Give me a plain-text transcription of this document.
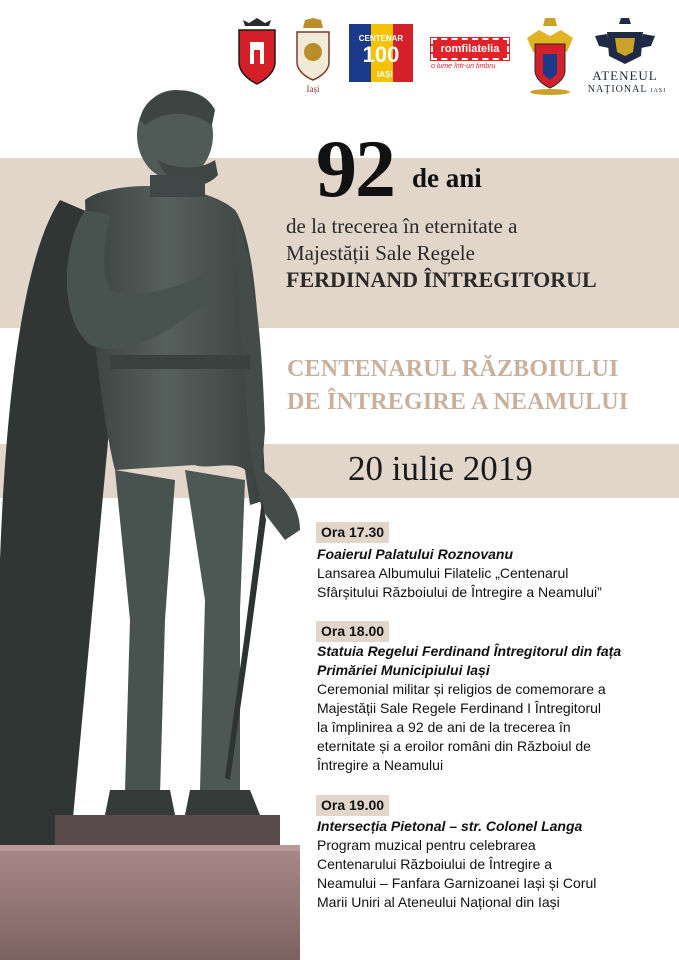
Iași
CENTENAR
100
IAȘI
romfilatelia
o lume într-un timbru
ATENEUL
NAȚIONAL IAȘI
92 de ani
de la trecerea în eternitate a
Majestății Sale Regele
FERDINAND ÎNTREGITORUL
CENTENARUL RĂZBOIULUI
DE ÎNTREGIRE A NEAMULUI
20 iulie 2019
Ora 17.30
Foaierul Palatului Roznovanu
Lansarea Albumului Filatelic „Centenarul
Sfârșitului Războiului de Întregire a Neamului”
Ora 18.00
Statuia Regelui Ferdinand Întregitorul din fața
Primăriei Municipiului Iași
Ceremonial militar și religios de comemorare a
Majestății Sale Regele Ferdinand I Întregitorul
la împlinirea a 92 de ani de la trecerea în
eternitate și a eroilor români din Războiul de
Întregire a Neamului
Ora 19.00
Intersecția Pietonal – str. Colonel Langa
Program muzical pentru celebrarea
Centenarului Războiului de Întregire a
Neamului – Fanfara Garnizoanei Iași și Corul
Marii Uniri al Ateneului Național din Iași
